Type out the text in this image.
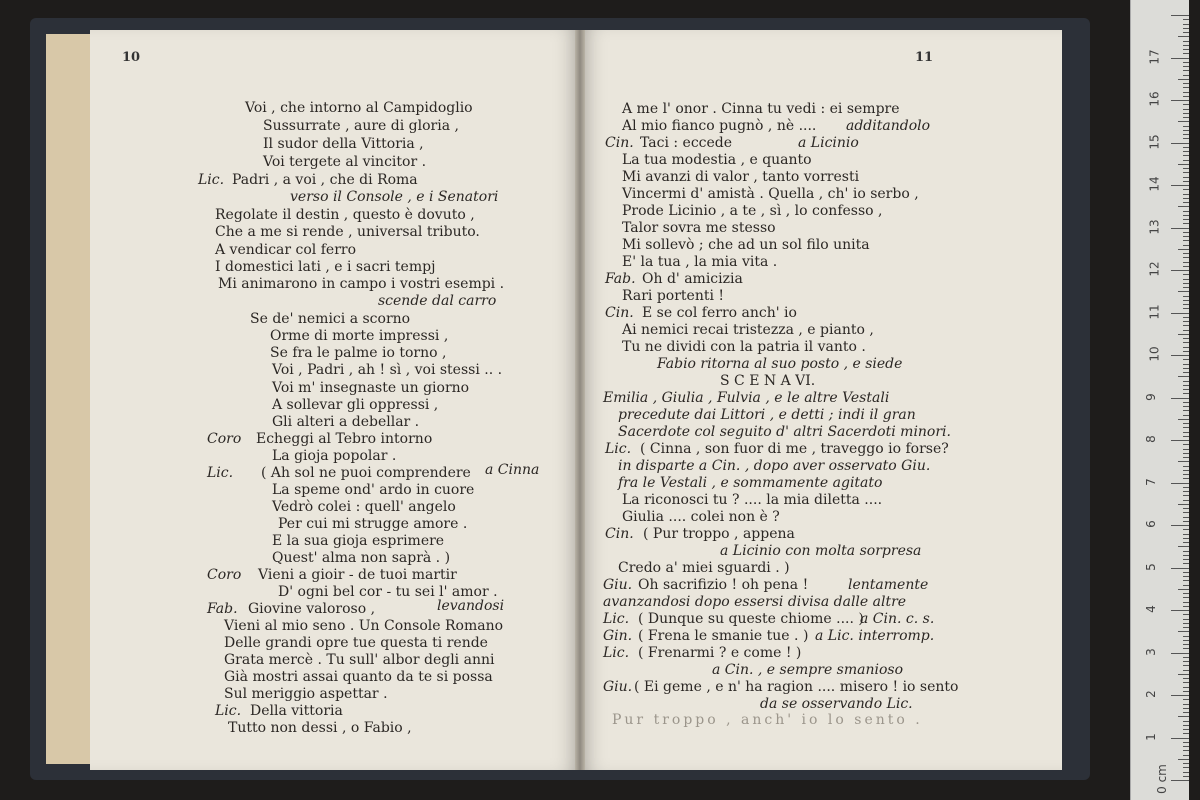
10	11
Voi , che intorno al Campidoglio
Sussurrate , aure di gloria ,
Il sudor della Vittoria ,
Voi tergete al vincitor .
Lic. Padri , a voi , che di Roma
verso il Console , e i Senatori
Regolate il destin , questo è dovuto ,
Che a me si rende , universal tributo.
A vendicar col ferro
I domestici lati , e i sacri tempj
Mi animarono in campo i vostri esempi .
scende dal carro
Se de' nemici a scorno
Orme di morte impressi ,
Se fra le palme io torno ,
Voi , Padri , ah ! sì , voi stessi .. .
Voi m' insegnaste un giorno
A sollevar gli oppressi ,
Gli alteri a debellar .
Coro Echeggi al Tebro intorno
La gioja popolar .
Lic. ( Ah sol ne puoi comprendere a Cinna
La speme ond' ardo in cuore
Vedrò colei : quell' angelo
Per cui mi strugge amore .
E la sua gioja esprimere
Quest' alma non saprà . )
Coro Vieni a gioir - de tuoi martir
D' ogni bel cor - tu sei l' amor .
Fab. Giovine valoroso ,	levandosi
Vieni al mio seno . Un Console Romano
Delle grandi opre tue questa ti rende
Grata mercè . Tu sull' albor degli anni
Già mostri assai quanto da te si possa
Sul meriggio aspettar .
Lic. Della vittoria
Tutto non dessi , o Fabio ,
A me l' onor . Cinna tu vedi : ei sempre
Al mio fianco pugnò , nè .... additandolo
Cin. Taci : eccede	a Licinio
La tua modestia , e quanto
Mi avanzi di valor , tanto vorresti
Vincermi d' amistà . Quella , ch' io serbo ,
Prode Licinio , a te , sì , lo confesso ,
Talor sovra me stesso
Mi sollevò ; che ad un sol filo unita
E' la tua , la mia vita .
Fab. Oh d' amicizia
Rari portenti !
Cin. E se col ferro anch' io
Ai nemici recai tristezza , e pianto ,
Tu ne dividi con la patria il vanto .
Fabio ritorna al suo posto , e siede
S C E N A VI.
Emilia , Giulia , Fulvia , e le altre Vestali
precedute dai Littori , e detti ; indi il gran
Sacerdote col seguito d' altri Sacerdoti minori.
Lic. ( Cinna , son fuor di me , traveggo io forse?
in disparte a Cin. , dopo aver osservato Giu.
fra le Vestali , e sommamente agitato
La riconosci tu ? .... la mia diletta ....
Giulia .... colei non è ?
Cin. ( Pur troppo , appena
a Licinio con molta sorpresa
Credo a' miei sguardi . )
Giu. Oh sacrifizio ! oh pena !	lentamente
avanzandosi dopo essersi divisa dalle altre
Lic. ( Dunque su queste chiome .... )
a Cin. c. s.
Gin. ( Frena le smanie tue . ) a Lic. interromp.
Lic. ( Frenarmi ? e come ! )
a Cin. , e sempre smanioso
Giu. ( Ei geme , e n' ha ragion .... misero ! io sento
da se osservando Lic.
Pur troppo , anch' io lo sento .
0 cm
1
2
3
4
5
6
7
8
9
10
11
12
13
14
15
16
17
